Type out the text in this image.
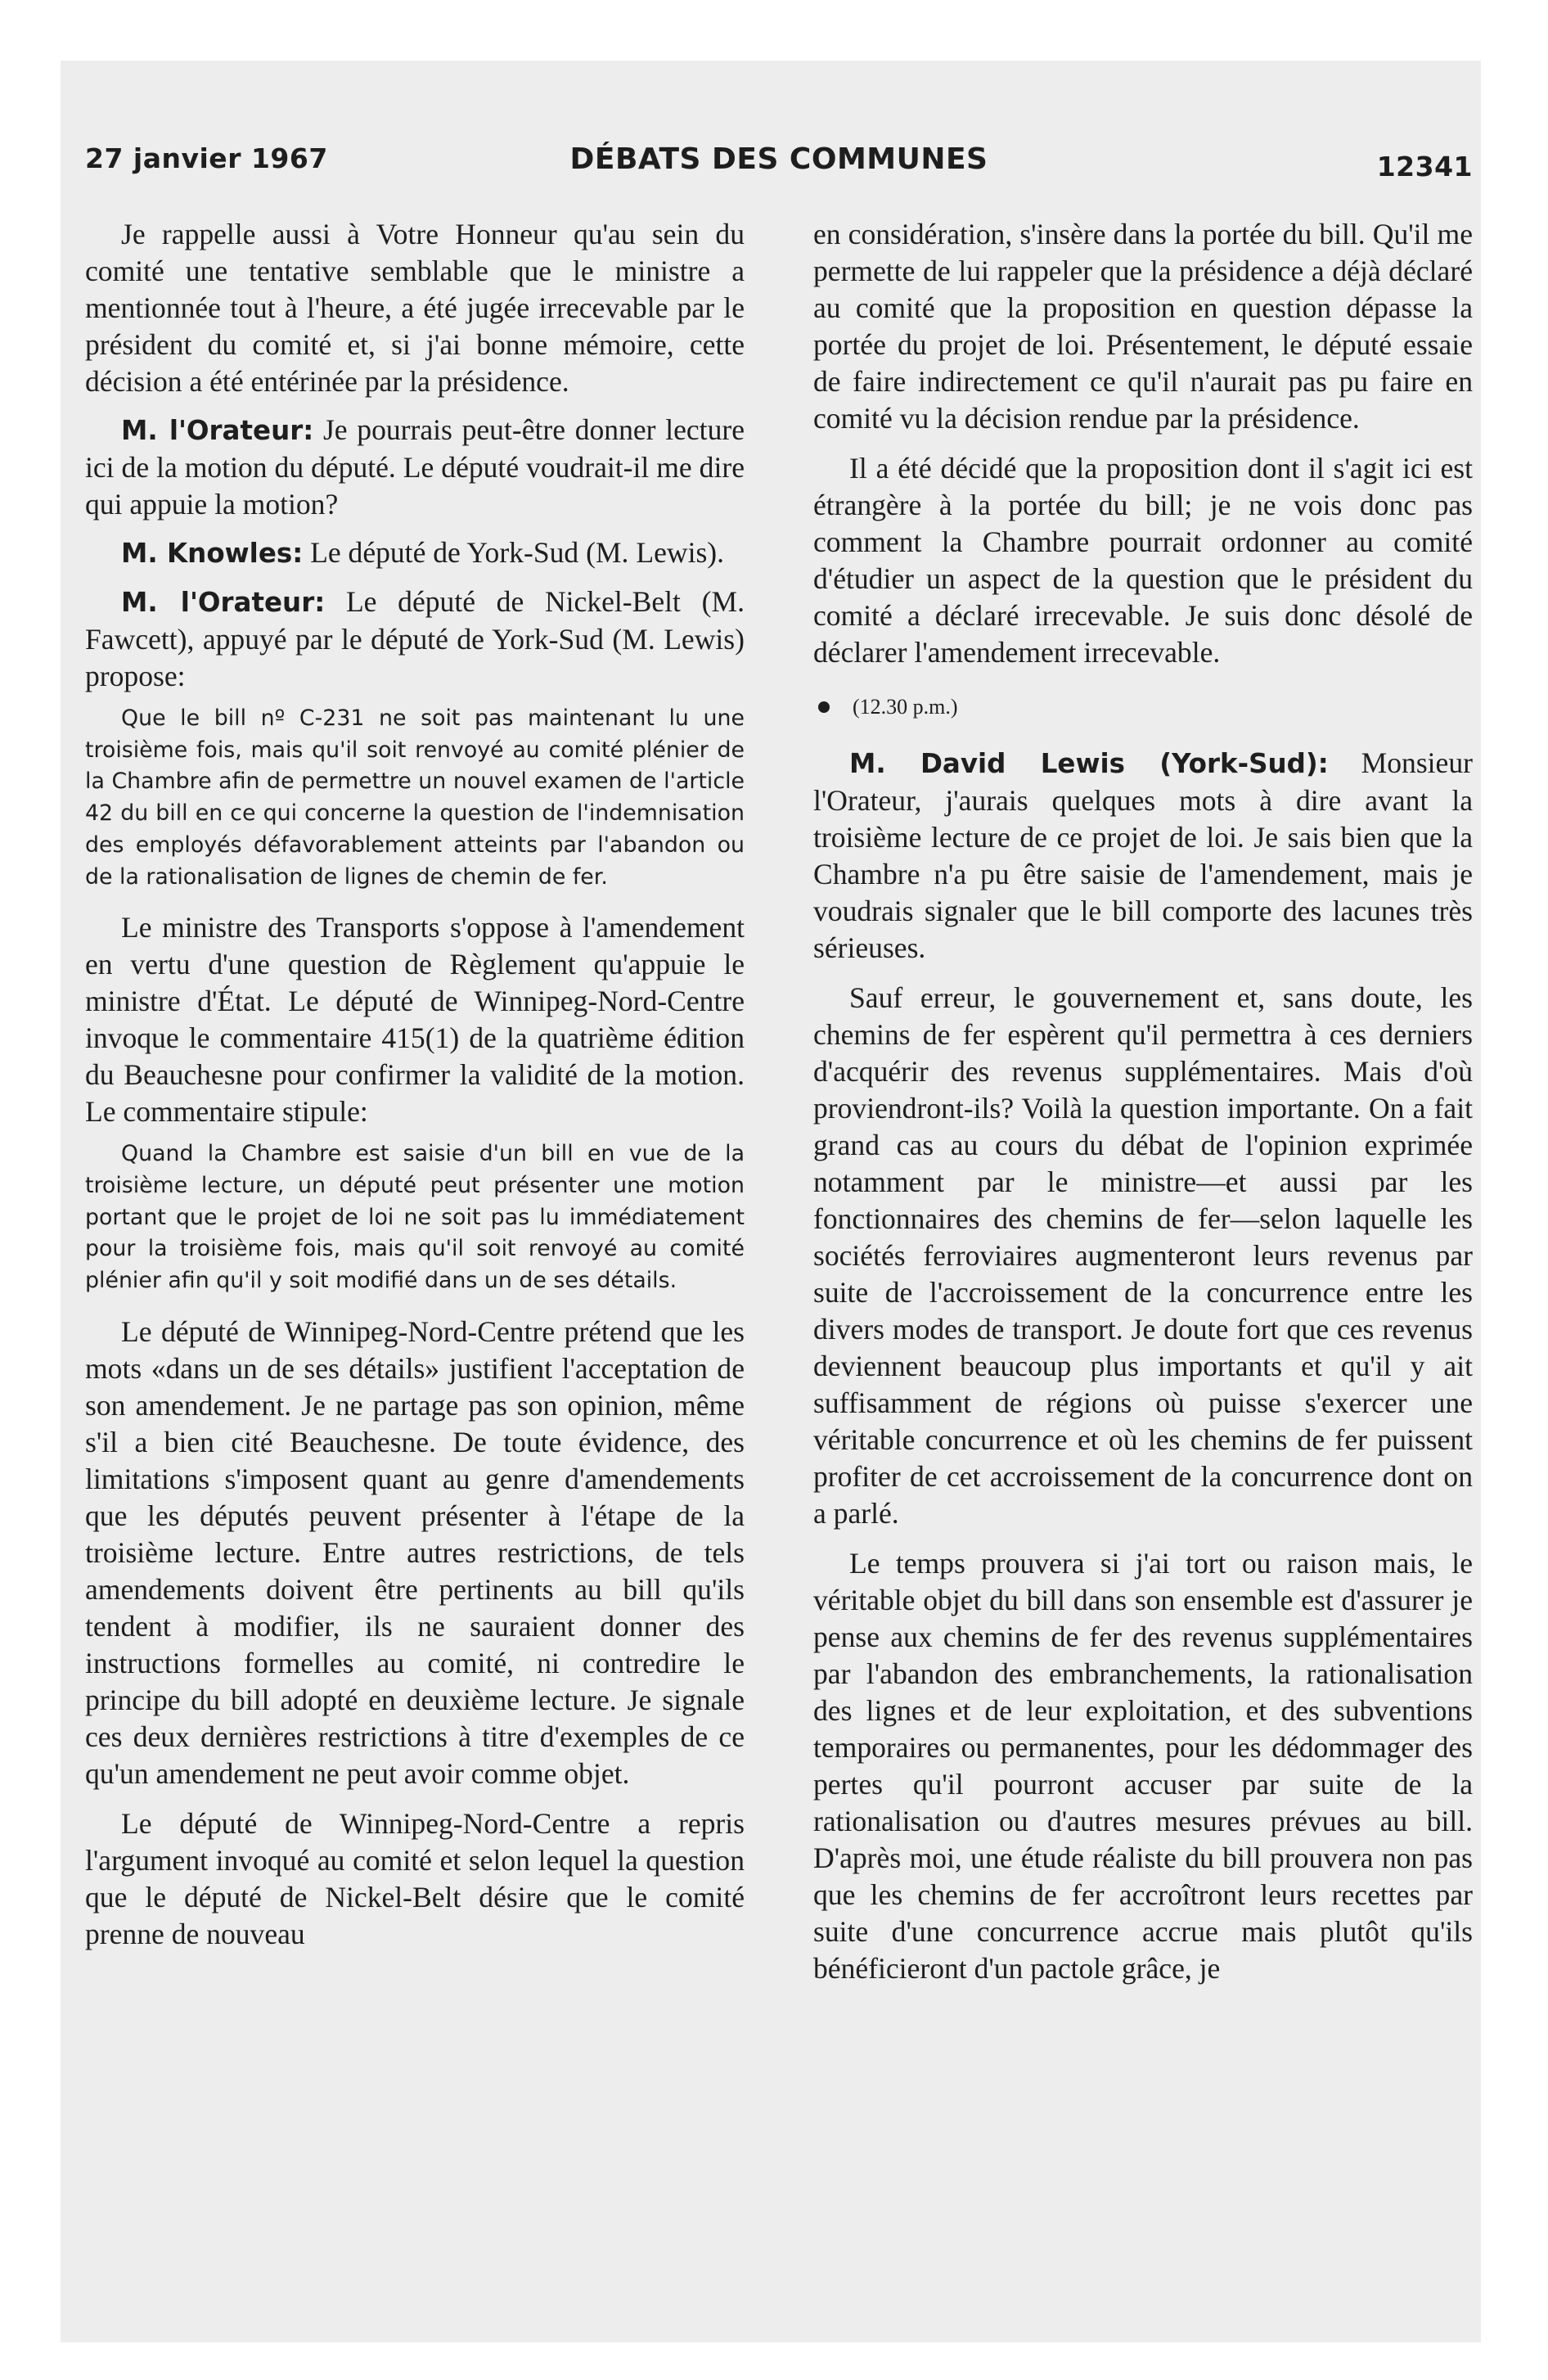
27 janvier 1967	DÉBATS DES COMMUNES	12341

Je rappelle aussi à Votre Honneur qu'au sein du comité une tentative semblable que le ministre a mentionnée tout à l'heure, a été jugée irrecevable par le président du comité et, si j'ai bonne mémoire, cette décision a été entérinée par la présidence.

M. l'Orateur: Je pourrais peut-être donner lecture ici de la motion du député. Le député voudrait-il me dire qui appuie la motion?

M. Knowles: Le député de York-Sud (M. Lewis).

M. l'Orateur: Le député de Nickel-Belt (M. Fawcett), appuyé par le député de York-Sud (M. Lewis) propose:

Que le bill nº C-231 ne soit pas maintenant lu une troisième fois, mais qu'il soit renvoyé au comité plénier de la Chambre afin de permettre un nouvel examen de l'article 42 du bill en ce qui concerne la question de l'indemnisation des employés défavorablement atteints par l'abandon ou de la rationalisation de lignes de chemin de fer.

Le ministre des Transports s'oppose à l'amendement en vertu d'une question de Règlement qu'appuie le ministre d'État. Le député de Winnipeg-Nord-Centre invoque le commentaire 415(1) de la quatrième édition du Beauchesne pour confirmer la validité de la motion. Le commentaire stipule:

Quand la Chambre est saisie d'un bill en vue de la troisième lecture, un député peut présenter une motion portant que le projet de loi ne soit pas lu immédiatement pour la troisième fois, mais qu'il soit renvoyé au comité plénier afin qu'il y soit modifié dans un de ses détails.

Le député de Winnipeg-Nord-Centre prétend que les mots «dans un de ses détails» justifient l'acceptation de son amendement. Je ne partage pas son opinion, même s'il a bien cité Beauchesne. De toute évidence, des limitations s'imposent quant au genre d'amendements que les députés peuvent présenter à l'étape de la troisième lecture. Entre autres restrictions, de tels amendements doivent être pertinents au bill qu'ils tendent à modifier, ils ne sauraient donner des instructions formelles au comité, ni contredire le principe du bill adopté en deuxième lecture. Je signale ces deux dernières restrictions à titre d'exemples de ce qu'un amendement ne peut avoir comme objet.

Le député de Winnipeg-Nord-Centre a repris l'argument invoqué au comité et selon lequel la question que le député de Nickel-Belt désire que le comité prenne de nouveau

en considération, s'insère dans la portée du bill. Qu'il me permette de lui rappeler que la présidence a déjà déclaré au comité que la proposition en question dépasse la portée du projet de loi. Présentement, le député essaie de faire indirectement ce qu'il n'aurait pas pu faire en comité vu la décision rendue par la présidence.

Il a été décidé que la proposition dont il s'agit ici est étrangère à la portée du bill; je ne vois donc pas comment la Chambre pourrait ordonner au comité d'étudier un aspect de la question que le président du comité a déclaré irrecevable. Je suis donc désolé de déclarer l'amendement irrecevable.

(12.30 p.m.)

M. David Lewis (York-Sud): Monsieur l'Orateur, j'aurais quelques mots à dire avant la troisième lecture de ce projet de loi. Je sais bien que la Chambre n'a pu être saisie de l'amendement, mais je voudrais signaler que le bill comporte des lacunes très sérieuses.

Sauf erreur, le gouvernement et, sans doute, les chemins de fer espèrent qu'il permettra à ces derniers d'acquérir des revenus supplémentaires. Mais d'où proviendront-ils? Voilà la question importante. On a fait grand cas au cours du débat de l'opinion exprimée notamment par le ministre—et aussi par les fonctionnaires des chemins de fer—selon laquelle les sociétés ferroviaires augmenteront leurs revenus par suite de l'accroissement de la concurrence entre les divers modes de transport. Je doute fort que ces revenus deviennent beaucoup plus importants et qu'il y ait suffisamment de régions où puisse s'exercer une véritable concurrence et où les chemins de fer puissent profiter de cet accroissement de la concurrence dont on a parlé.

Le temps prouvera si j'ai tort ou raison mais, le véritable objet du bill dans son ensemble est d'assurer je pense aux chemins de fer des revenus supplémentaires par l'abandon des embranchements, la rationalisation des lignes et de leur exploitation, et des subventions temporaires ou permanentes, pour les dédommager des pertes qu'il pourront accuser par suite de la rationalisation ou d'autres mesures prévues au bill. D'après moi, une étude réaliste du bill prouvera non pas que les chemins de fer accroîtront leurs recettes par suite d'une concurrence accrue mais plutôt qu'ils bénéficieront d'un pactole grâce, je
